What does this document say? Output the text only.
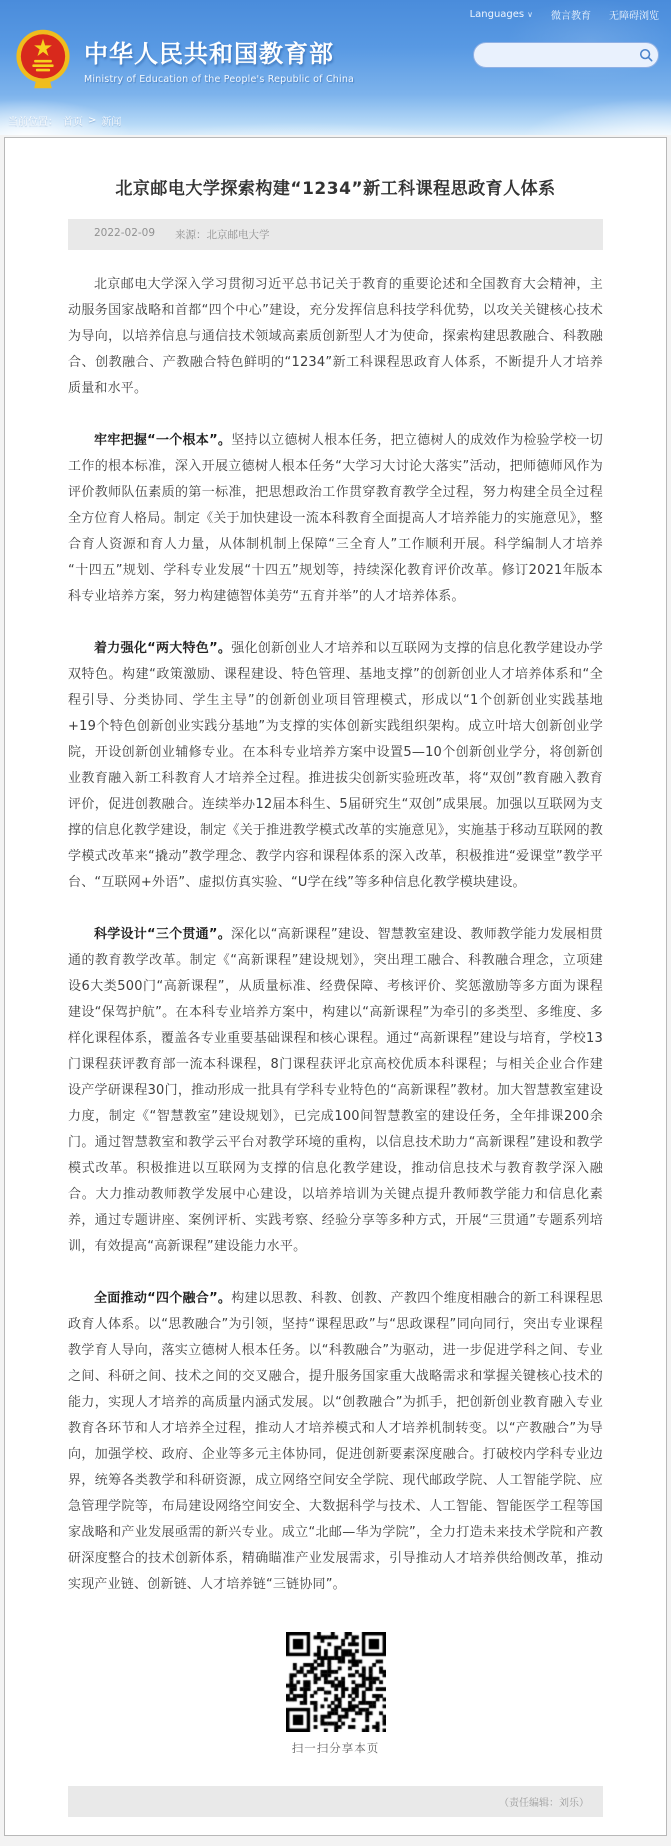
Languages ∨ 微言教育 无障碍浏览
中华人民共和国教育部
Ministry of Education of the People's Republic of China
当前位置： 首页 > 新闻
北京邮电大学探索构建“1234”新工科课程思政育人体系
2022-02-09 来源：北京邮电大学

北京邮电大学深入学习贯彻习近平总书记关于教育的重要论述和全国教育大会精神，主动服务国家战略和首都“四个中心”建设，充分发挥信息科技学科优势，以攻关关键核心技术为导向，以培养信息与通信技术领域高素质创新型人才为使命，探索构建思教融合、科教融合、创教融合、产教融合特色鲜明的“1234”新工科课程思政育人体系，不断提升人才培养质量和水平。

牢牢把握“一个根本”。坚持以立德树人根本任务，把立德树人的成效作为检验学校一切工作的根本标准，深入开展立德树人根本任务“大学习大讨论大落实”活动，把师德师风作为评价教师队伍素质的第一标准，把思想政治工作贯穿教育教学全过程，努力构建全员全过程全方位育人格局。制定《关于加快建设一流本科教育全面提高人才培养能力的实施意见》，整合育人资源和育人力量，从体制机制上保障“三全育人”工作顺利开展。科学编制人才培养“十四五”规划、学科专业发展“十四五”规划等，持续深化教育评价改革。修订2021年版本科专业培养方案，努力构建德智体美劳“五育并举”的人才培养体系。

着力强化“两大特色”。强化创新创业人才培养和以互联网为支撑的信息化教学建设办学双特色。构建“政策激励、课程建设、特色管理、基地支撑”的创新创业人才培养体系和“全程引导、分类协同、学生主导”的创新创业项目管理模式，形成以“1个创新创业实践基地+19个特色创新创业实践分基地”为支撑的实体创新实践组织架构。成立叶培大创新创业学院，开设创新创业辅修专业。在本科专业培养方案中设置5—10个创新创业学分，将创新创业教育融入新工科教育人才培养全过程。推进拔尖创新实验班改革，将“双创”教育融入教育评价，促进创教融合。连续举办12届本科生、5届研究生“双创”成果展。加强以互联网为支撑的信息化教学建设，制定《关于推进教学模式改革的实施意见》，实施基于移动互联网的教学模式改革来“撬动”教学理念、教学内容和课程体系的深入改革，积极推进“爱课堂”教学平台、“互联网+外语”、虚拟仿真实验、“U学在线”等多种信息化教学模块建设。

科学设计“三个贯通”。深化以“高新课程”建设、智慧教室建设、教师教学能力发展相贯通的教育教学改革。制定《“高新课程”建设规划》，突出理工融合、科教融合理念，立项建设6大类500门“高新课程”，从质量标准、经费保障、考核评价、奖惩激励等多方面为课程建设“保驾护航”。在本科专业培养方案中，构建以“高新课程”为牵引的多类型、多维度、多样化课程体系，覆盖各专业重要基础课程和核心课程。通过“高新课程”建设与培育，学校13门课程获评教育部一流本科课程，8门课程获评北京高校优质本科课程；与相关企业合作建设产学研课程30门，推动形成一批具有学科专业特色的“高新课程”教材。加大智慧教室建设力度，制定《“智慧教室”建设规划》，已完成100间智慧教室的建设任务，全年排课200余门。通过智慧教室和教学云平台对教学环境的重构，以信息技术助力“高新课程”建设和教学模式改革。积极推进以互联网为支撑的信息化教学建设，推动信息技术与教育教学深入融合。大力推动教师教学发展中心建设，以培养培训为关键点提升教师教学能力和信息化素养，通过专题讲座、案例评析、实践考察、经验分享等多种方式，开展“三贯通”专题系列培训，有效提高“高新课程”建设能力水平。

全面推动“四个融合”。构建以思教、科教、创教、产教四个维度相融合的新工科课程思政育人体系。以“思教融合”为引领，坚持“课程思政”与“思政课程”同向同行，突出专业课程教学育人导向，落实立德树人根本任务。以“科教融合”为驱动，进一步促进学科之间、专业之间、科研之间、技术之间的交叉融合，提升服务国家重大战略需求和掌握关键核心技术的能力，实现人才培养的高质量内涵式发展。以“创教融合”为抓手，把创新创业教育融入专业教育各环节和人才培养全过程，推动人才培养模式和人才培养机制转变。以“产教融合”为导向，加强学校、政府、企业等多元主体协同，促进创新要素深度融合。打破校内学科专业边界，统筹各类教学和科研资源，成立网络空间安全学院、现代邮政学院、人工智能学院、应急管理学院等，布局建设网络空间安全、大数据科学与技术、人工智能、智能医学工程等国家战略和产业发展亟需的新兴专业。成立“北邮—华为学院”，全力打造未来技术学院和产教研深度整合的技术创新体系，精确瞄准产业发展需求，引导推动人才培养供给侧改革，推动实现产业链、创新链、人才培养链“三链协同”。

扫一扫分享本页
（责任编辑：刘乐）
